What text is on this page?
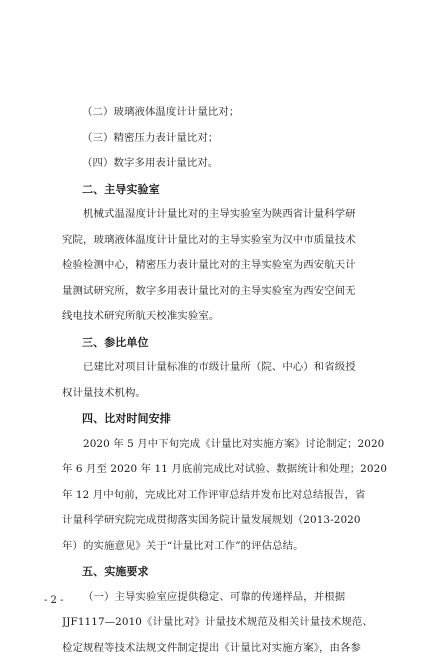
（二）玻璃液体温度计计量比对；
（三）精密压力表计量比对；
（四）数字多用表计量比对。
二、主导实验室
机械式温湿度计计量比对的主导实验室为陕西省计量科学研
究院，玻璃液体温度计计量比对的主导实验室为汉中市质量技术
检验检测中心，精密压力表计量比对的主导实验室为西安航天计
量测试研究所，数字多用表计量比对的主导实验室为西安空间无
线电技术研究所航天校准实验室。
三、参比单位
已建比对项目计量标准的市级计量所（院、中心）和省级授
权计量技术机构。
四、比对时间安排
2020 年 5 月中下旬完成《计量比对实施方案》讨论制定；2020
年 6 月至 2020 年 11 月底前完成比对试验、数据统计和处理；2020
年 12 月中旬前，完成比对工作评审总结并发布比对总结报告，省
计量科学研究院完成贯彻落实国务院计量发展规划（2013-2020
年）的实施意见》关于“计量比对工作”的评估总结。
五、实施要求
（一）主导实验室应提供稳定、可靠的传递样品，并根据
JJF1117—2010《计量比对》计量技术规范及相关计量技术规范、
检定规程等技术法规文件制定提出《计量比对实施方案》，由各参
- 2 -
